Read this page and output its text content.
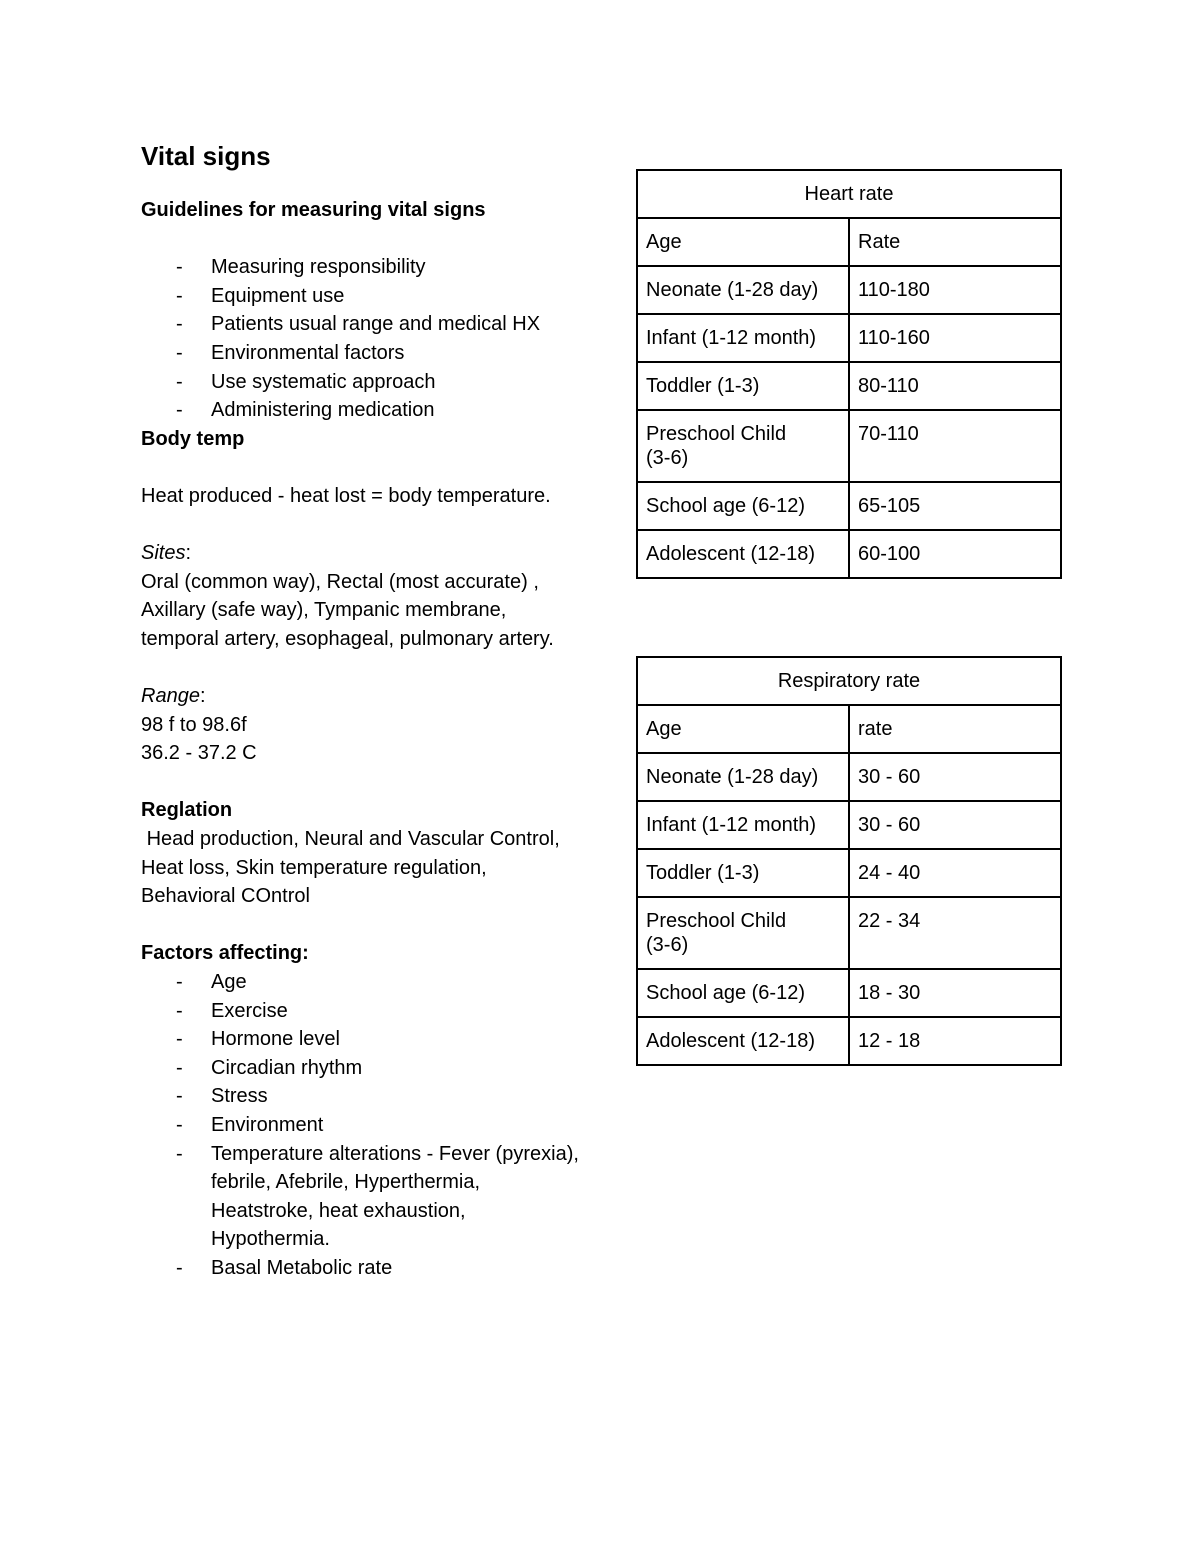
Vital signs

Guidelines for measuring vital signs

- Measuring responsibility
- Equipment use
- Patients usual range and medical HX
- Environmental factors
- Use systematic approach
- Administering medication

Body temp

Heat produced - heat lost = body temperature.

Sites:

Oral (common way), Rectal (most accurate) , Axillary (safe way), Tympanic membrane, temporal artery, esophageal, pulmonary artery.

Range:

98 f to 98.6f

36.2 - 37.2 C

Reglation

Head production, Neural and Vascular Control, Heat loss, Skin temperature regulation, Behavioral COntrol

Factors affecting:

- Age
- Exercise
- Hormone level
- Circadian rhythm
- Stress
- Environment
- Temperature alterations - Fever (pyrexia), febrile, Afebrile, Hyperthermia, Heatstroke, heat exhaustion, Hypothermia.
- Basal Metabolic rate
Heart rate	
Age	Rate
Neonate (1-28 day)	110-180
Infant (1-12 month)	110-160
Toddler (1-3)	80-110
Preschool Child (3-6)	70-110
School age (6-12)	65-105
Adolescent (12-18)	60-100
Respiratory rate	
Age	rate
Neonate (1-28 day)	30 - 60
Infant (1-12 month)	30 - 60
Toddler (1-3)	24 - 40
Preschool Child (3-6)	22 - 34
School age (6-12)	18 - 30
Adolescent (12-18)	12 - 18
